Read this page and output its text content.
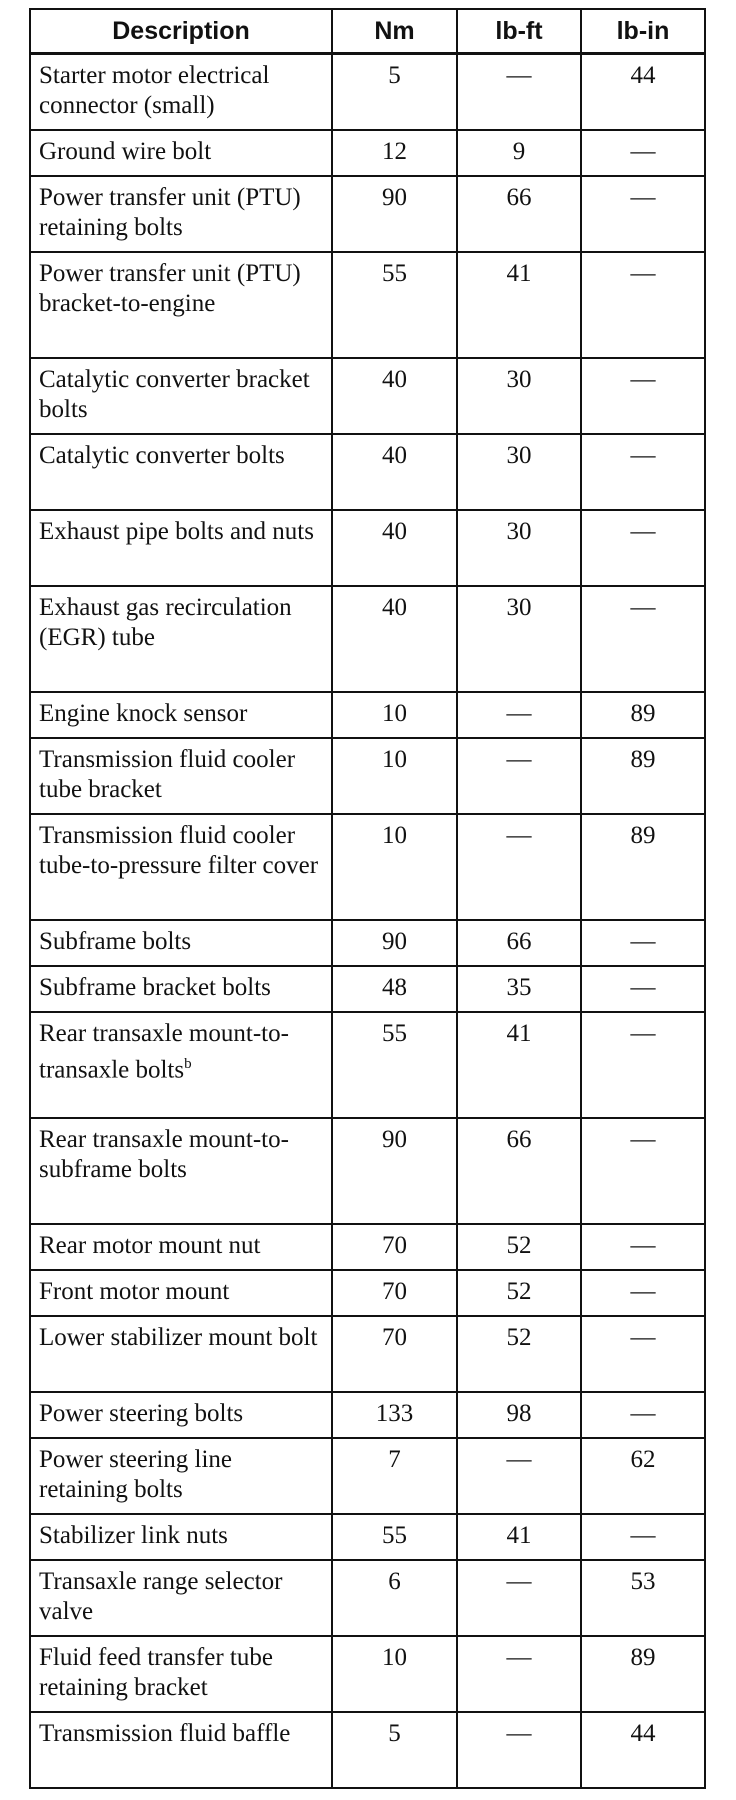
Description	Nm	lb-ft	lb-in
Starter motor electrical connector (small)	5	—	44
Ground wire bolt	12	9	—
Power transfer unit (PTU) retaining bolts	90	66	—
Power transfer unit (PTU) bracket-to-engine	55	41	—
Catalytic converter bracket bolts	40	30	—
Catalytic converter bolts	40	30	—
Exhaust pipe bolts and nuts	40	30	—
Exhaust gas recirculation (EGR) tube	40	30	—
Engine knock sensor	10	—	89
Transmission fluid cooler tube bracket	10	—	89
Transmission fluid cooler tube-to-pressure filter cover	10	—	89
Subframe bolts	90	66	—
Subframe bracket bolts	48	35	—
Rear transaxle mount-to-transaxle bolts$^b$	55	41	—
Rear transaxle mount-to-subframe bolts	90	66	—
Rear motor mount nut	70	52	—
Front motor mount	70	52	—
Lower stabilizer mount bolt	70	52	—
Power steering bolts	133	98	—
Power steering line retaining bolts	7	—	62
Stabilizer link nuts	55	41	—
Transaxle range selector valve	6	—	53
Fluid feed transfer tube retaining bracket	10	—	89
Transmission fluid baffle	5	—	44
